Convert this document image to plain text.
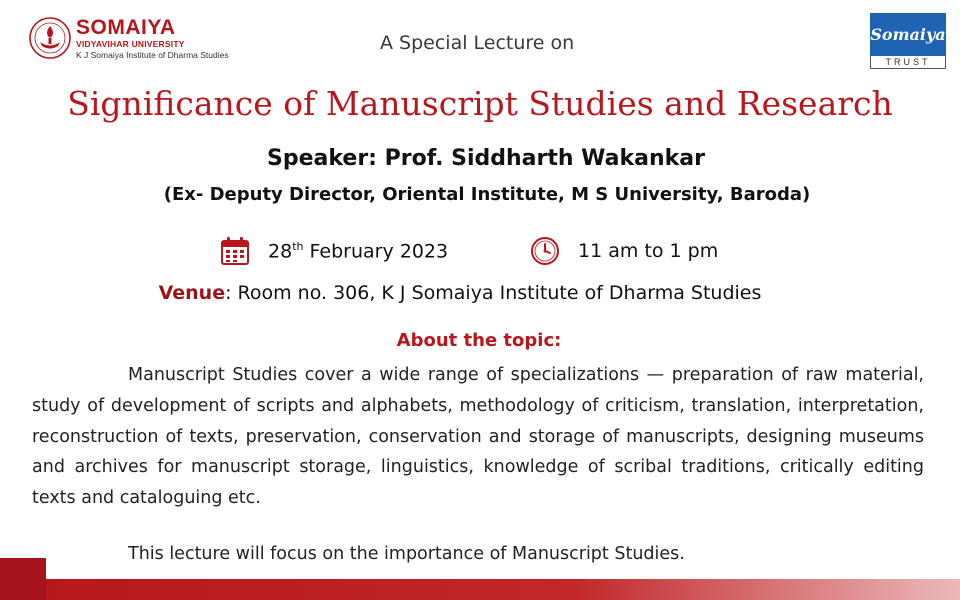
SOMAIYA
VIDYAVIHAR UNIVERSITY
K J Somaiya Institute of Dharma Studies
A Special Lecture on	Somaiya
TRUST
Significance of Manuscript Studies and Research
Speaker: Prof. Siddharth Wakankar
(Ex- Deputy Director, Oriental Institute, M S University, Baroda)
28th February 2023	11 am to 1 pm
Venue: Room no. 306, K J Somaiya Institute of Dharma Studies
About the topic:
Manuscript Studies cover a wide range of specializations — preparation of raw material, study of development of scripts and alphabets, methodology of criticism, translation, interpretation, reconstruction of texts, preservation, conservation and storage of manuscripts, designing museums and archives for manuscript storage, linguistics, knowledge of scribal traditions, critically editing texts and cataloguing etc.
This lecture will focus on the importance of Manuscript Studies.
